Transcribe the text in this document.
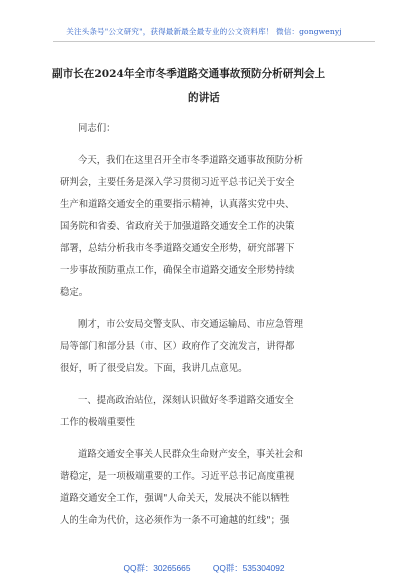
关注头条号"公文研究"，获得最新最全最专业的公文资料库！ 微信：gongwenyj
副市长在2024年全市冬季道路交通事故预防分析研判会上
的讲话
同志们：
今天，我们在这里召开全市冬季道路交通事故预防分析
研判会，主要任务是深入学习贯彻习近平总书记关于安全
生产和道路交通安全的重要指示精神，认真落实党中央、
国务院和省委、省政府关于加强道路交通安全工作的决策
部署，总结分析我市冬季道路交通安全形势，研究部署下
一步事故预防重点工作，确保全市道路交通安全形势持续
稳定。
刚才，市公安局交警支队、市交通运输局、市应急管理
局等部门和部分县（市、区）政府作了交流发言，讲得都
很好，听了很受启发。下面，我讲几点意见。
一、提高政治站位，深刻认识做好冬季道路交通安全
工作的极端重要性
道路交通安全事关人民群众生命财产安全，事关社会和
谐稳定，是一项极端重要的工作。习近平总书记高度重视
道路交通安全工作，强调"人命关天，发展决不能以牺牲
人的生命为代价，这必须作为一条不可逾越的红线"；强
QQ群：30265665	QQ群：535304092
